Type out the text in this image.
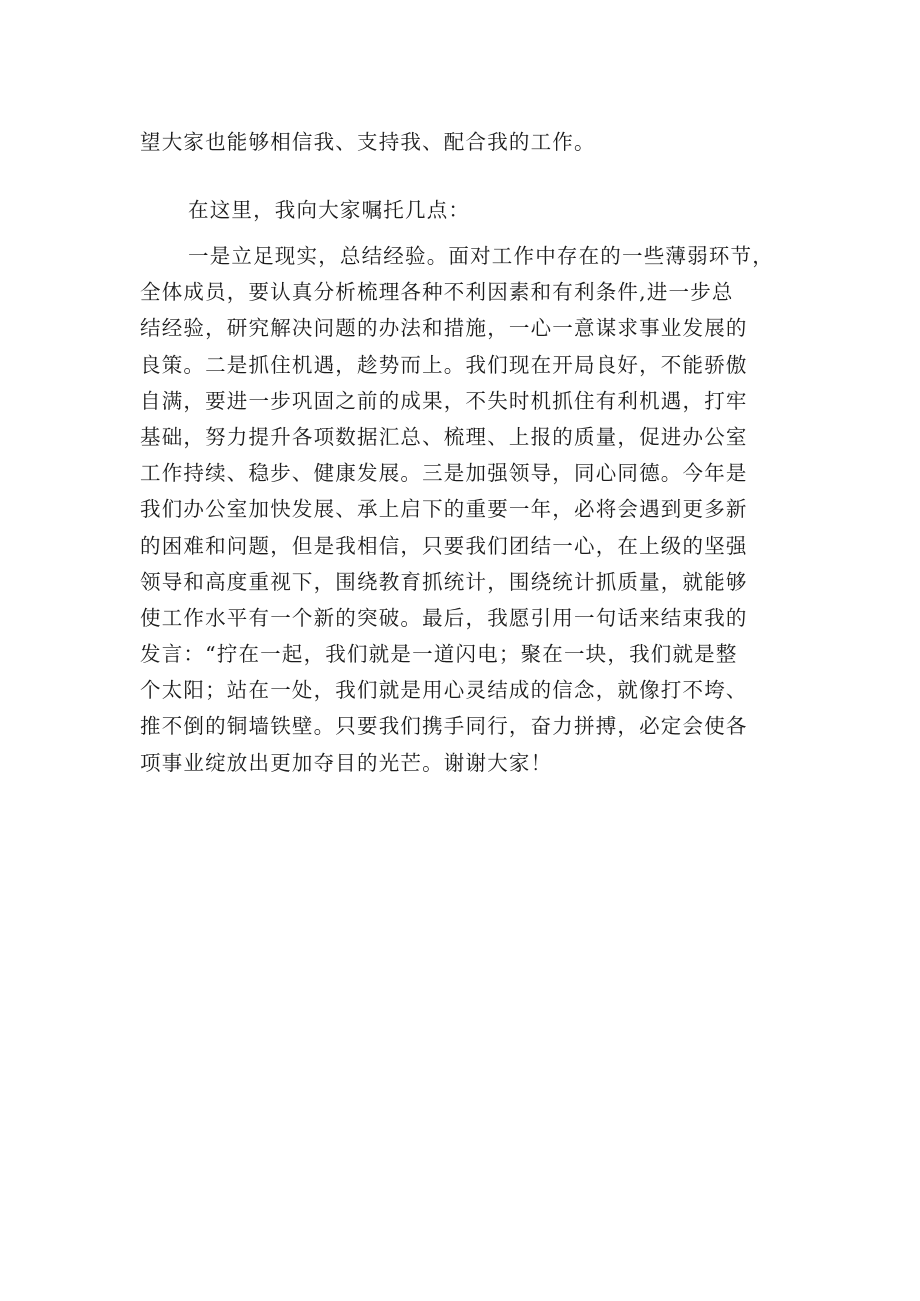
望大家也能够相信我、支持我、配合我的工作。
在这里，我向大家嘱托几点：
一是立足现实，总结经验。面对工作中存在的一些薄弱环节，
全体成员，要认真分析梳理各种不利因素和有利条件,进一步总
结经验，研究解决问题的办法和措施，一心一意谋求事业发展的
良策。二是抓住机遇，趁势而上。我们现在开局良好，不能骄傲
自满，要进一步巩固之前的成果，不失时机抓住有利机遇，打牢
基础，努力提升各项数据汇总、梳理、上报的质量，促进办公室
工作持续、稳步、健康发展。三是加强领导，同心同德。今年是
我们办公室加快发展、承上启下的重要一年，必将会遇到更多新
的困难和问题，但是我相信，只要我们团结一心，在上级的坚强
领导和高度重视下，围绕教育抓统计，围绕统计抓质量，就能够
使工作水平有一个新的突破。最后，我愿引用一句话来结束我的
发言：“拧在一起，我们就是一道闪电；聚在一块，我们就是整
个太阳；站在一处，我们就是用心灵结成的信念，就像打不垮、
推不倒的铜墙铁壁。只要我们携手同行，奋力拼搏，必定会使各
项事业绽放出更加夺目的光芒。谢谢大家！
